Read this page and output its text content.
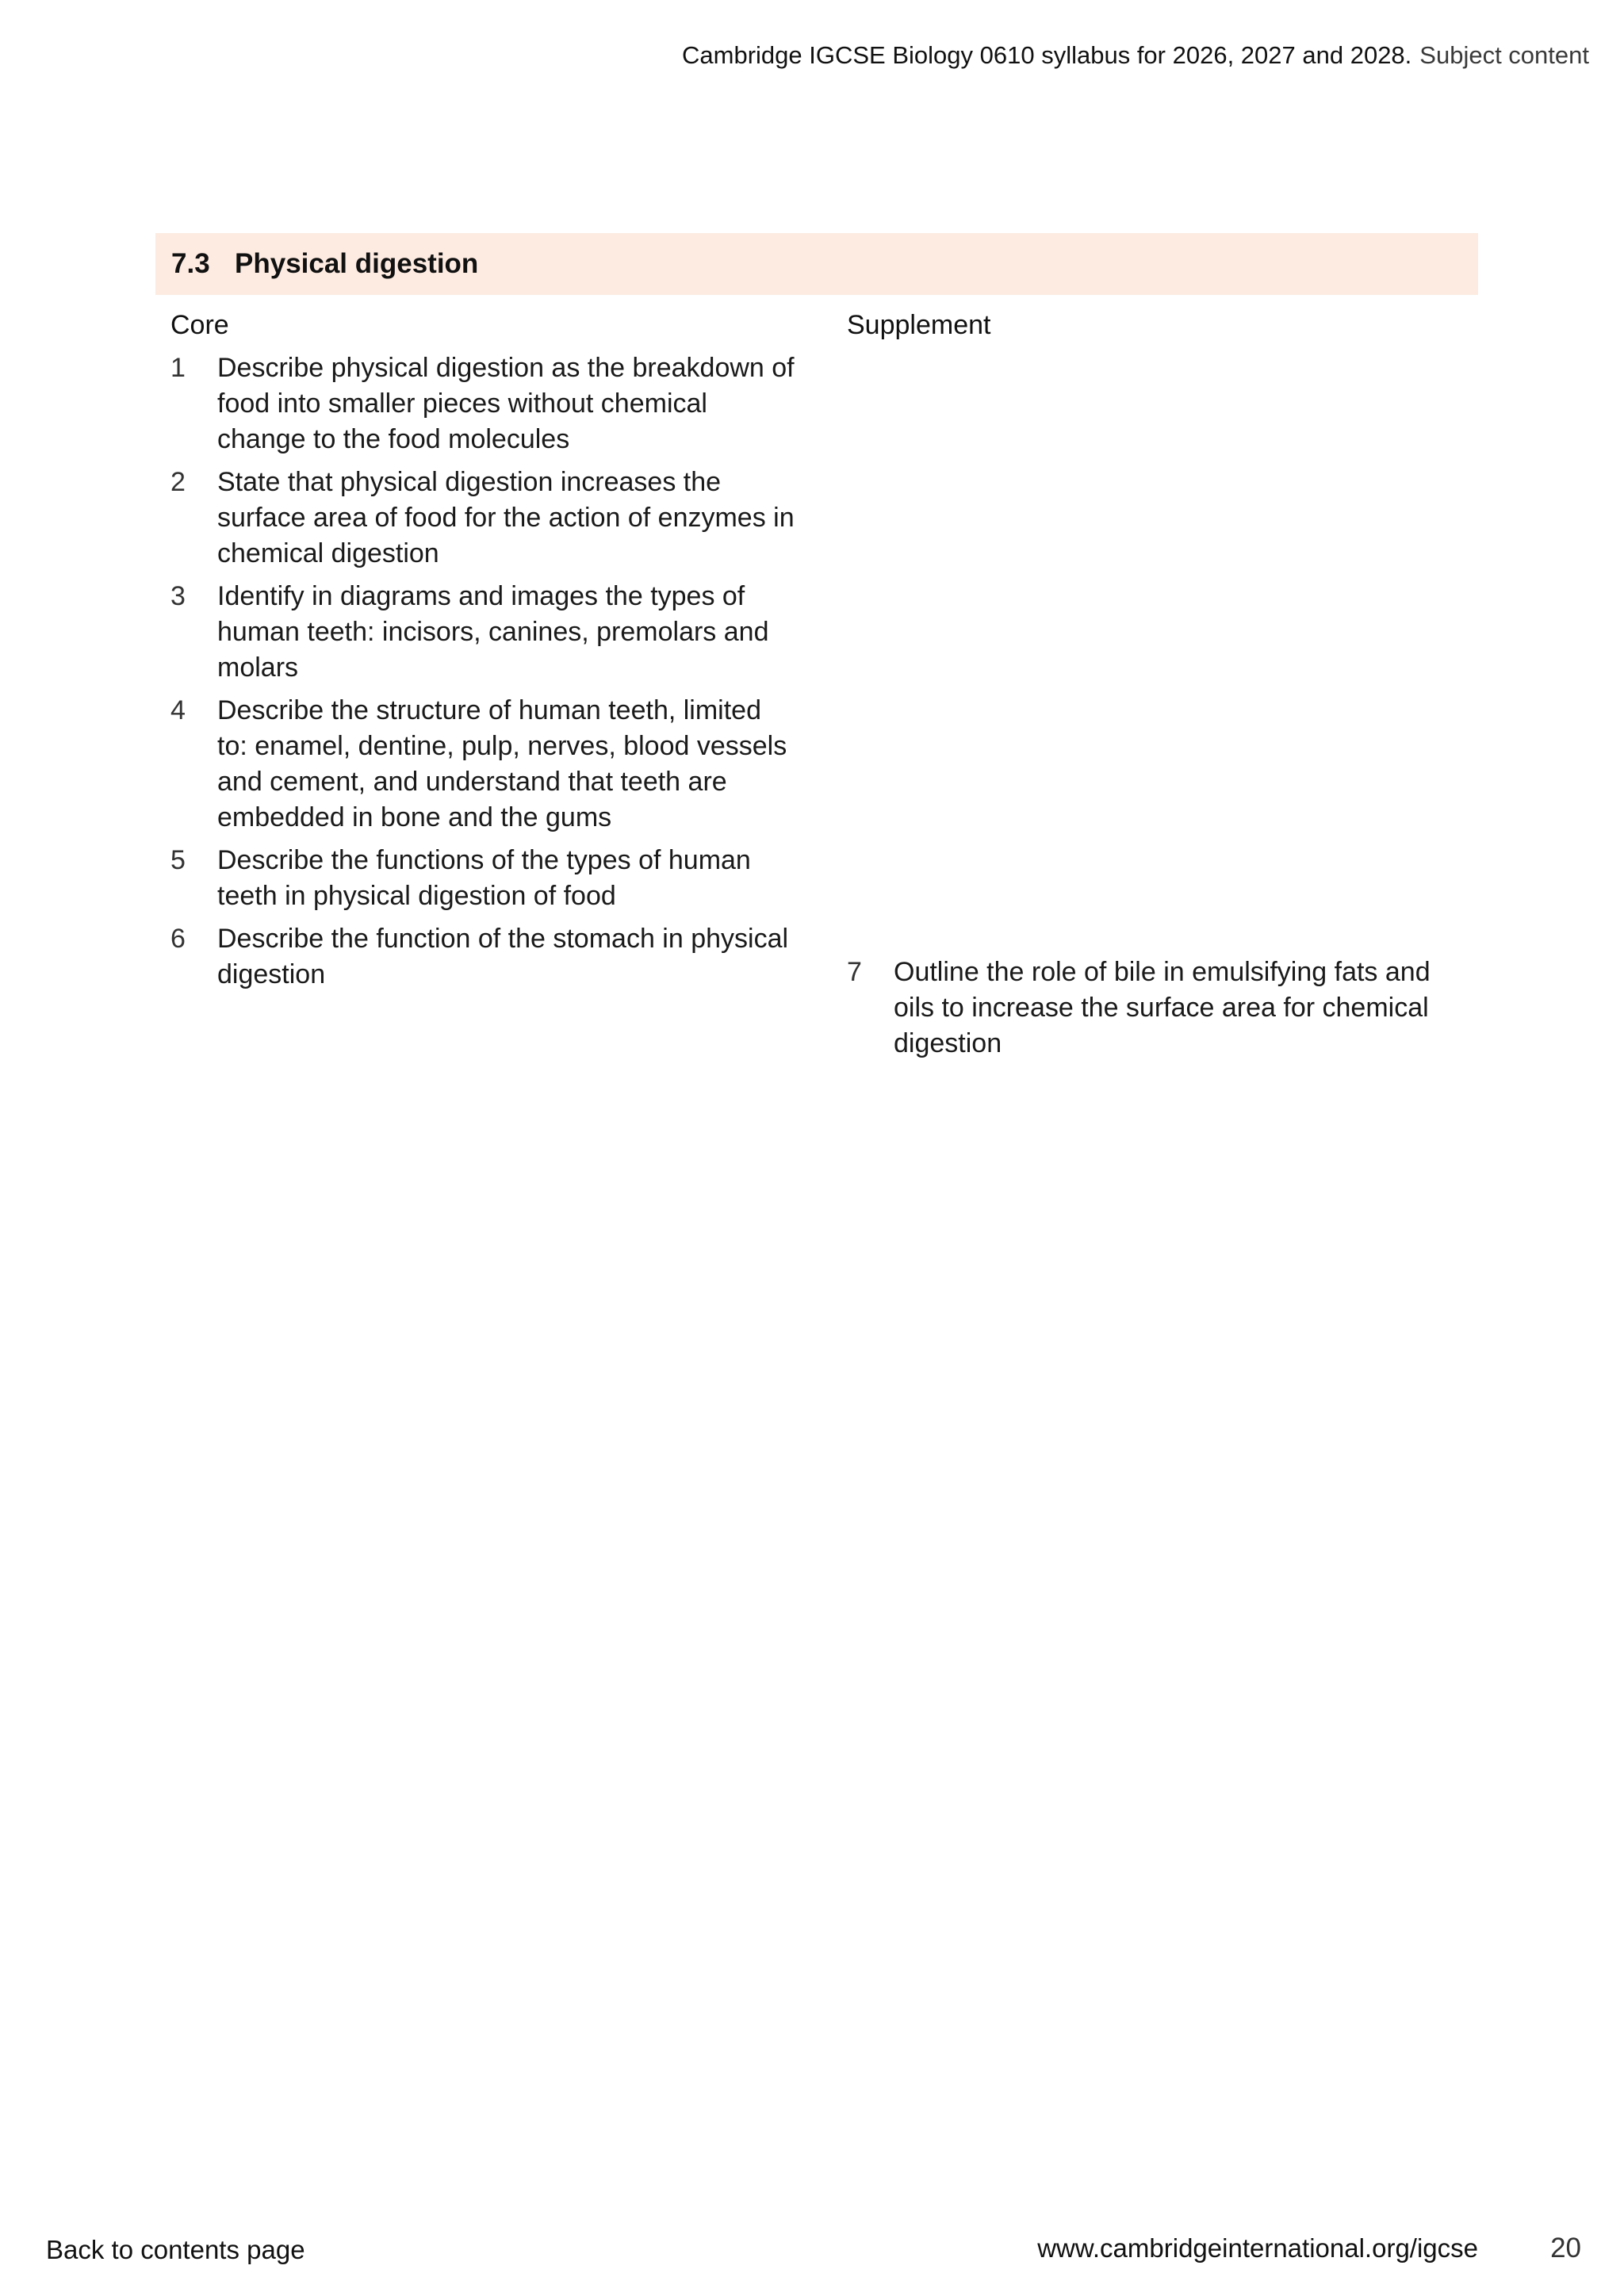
Cambridge IGCSE Biology 0610 syllabus for 2026, 2027 and 2028. Subject content
7.3 Physical digestion
Core
1	Describe physical digestion as the breakdown of food into smaller pieces without chemical change to the food molecules
2	State that physical digestion increases the surface area of food for the action of enzymes in chemical digestion
3	Identify in diagrams and images the types of human teeth: incisors, canines, premolars and molars
4	Describe the structure of human teeth, limited to: enamel, dentine, pulp, nerves, blood vessels and cement, and understand that teeth are embedded in bone and the gums
5	Describe the functions of the types of human teeth in physical digestion of food
6	Describe the function of the stomach in physical digestion
Supplement
7	Outline the role of bile in emulsifying fats and oils to increase the surface area for chemical digestion
Back to contents page	www.cambridgeinternational.org/igcse	20
